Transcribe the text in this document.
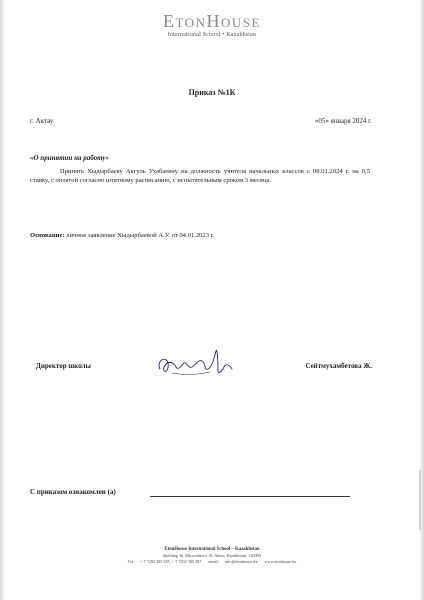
EtonHouse
International School • Kazakhstan
Приказ №1К
г. Актау	«05» января 2024 г.
«О принятии на работу»
Принять Хыдырбаеву Акгуль Ухабаевну на должность учителя начальных классов с 08.01.2024 г. на 0,5 ставку, с оплатой согласно штатному расписанию, с испытательным сроком 3 месяца.
Основание: личное заявление Хыдырбаевой А.У. от 04.01.2023 г.
Директор школы	Сейтмухамбетова Ж.
С приказом ознакомлен (а)
EtonHouse International School – Kazakhstan
Building 36, Microdistrict 19, Aktau, Kazakhstan, 130000
Tel: + 7 7292 305 585, + 7 7292 305 587 email: info@etonhouse.kz www.etonhouse.kz
